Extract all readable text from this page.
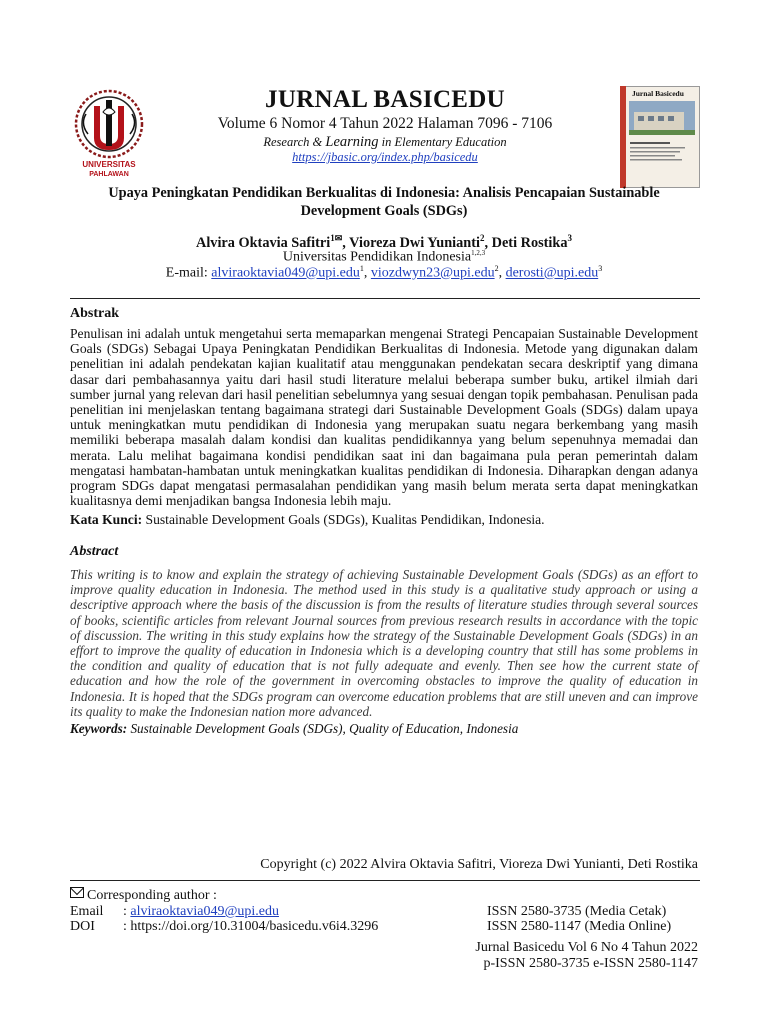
UNIVERSITAS
PAHLAWAN
Jurnal Basicedu
JURNAL BASICEDU
Volume 6 Nomor 4 Tahun 2022 Halaman 7096 - 7106
Research & Learning in Elementary Education
https://jbasic.org/index.php/basicedu
Upaya Peningkatan Pendidikan Berkualitas di Indonesia: Analisis Pencapaian Sustainable Development Goals (SDGs)
Alvira Oktavia Safitri$^{1✉}$, Vioreza Dwi Yunianti$^2$, Deti Rostika$^3$
Universitas Pendidikan Indonesia$^{1,2,3}$
E-mail: alviraoktavia049@upi.edu$^1$, viozdwyn23@upi.edu$^2$, derosti@upi.edu$^3$
Abstrak
Penulisan ini adalah untuk mengetahui serta memaparkan mengenai Strategi Pencapaian Sustainable Development Goals (SDGs) Sebagai Upaya Peningkatan Pendidikan Berkualitas di Indonesia. Metode yang digunakan dalam penelitian ini adalah pendekatan kajian kualitatif atau menggunakan pendekatan secara deskriptif yang dimana dasar dari pembahasannya yaitu dari hasil studi literature melalui beberapa sumber buku, artikel ilmiah dari sumber jurnal yang relevan dari hasil penelitian sebelumnya yang sesuai dengan topik pembahasan. Penulisan pada penelitian ini menjelaskan tentang bagaimana strategi dari Sustainable Development Goals (SDGs) dalam upaya untuk meningkatkan mutu pendidikan di Indonesia yang merupakan suatu negara berkembang yang masih memiliki beberapa masalah dalam kondisi dan kualitas pendidikannya yang belum sepenuhnya memadai dan merata. Lalu melihat bagaimana kondisi pendidikan saat ini dan bagaimana pula peran pemerintah dalam mengatasi hambatan-hambatan untuk meningkatkan kualitas pendidikan di Indonesia. Diharapkan dengan adanya program SDGs dapat mengatasi permasalahan pendidikan yang masih belum merata serta dapat meningkatkan kualitasnya demi menjadikan bangsa Indonesia lebih maju.
Kata Kunci: Sustainable Development Goals (SDGs), Kualitas Pendidikan, Indonesia.
Abstract
This writing is to know and explain the strategy of achieving Sustainable Development Goals (SDGs) as an effort to improve quality education in Indonesia. The method used in this study is a qualitative study approach or using a descriptive approach where the basis of the discussion is from the results of literature studies through several sources of books, scientific articles from relevant Journal sources from previous research results in accordance with the topic of discussion. The writing in this study explains how the strategy of the Sustainable Development Goals (SDGs) in an effort to improve the quality of education in Indonesia which is a developing country that still has some problems in the condition and quality of education that is not fully adequate and evenly. Then see how the current state of education and how the role of the government in overcoming obstacles to improve the quality of education in Indonesia. It is hoped that the SDGs program can overcome education problems that are still uneven and can improve its quality to make the Indonesian nation more advanced.
Keywords: Sustainable Development Goals (SDGs), Quality of Education, Indonesia
Copyright (c) 2022 Alvira Oktavia Safitri, Vioreza Dwi Yunianti, Deti Rostika
Corresponding author :
Email : alviraoktavia049@upi.edu
DOI : https://doi.org/10.31004/basicedu.v6i4.3296
ISSN 2580-3735 (Media Cetak)
ISSN 2580-1147 (Media Online)
Jurnal Basicedu Vol 6 No 4 Tahun 2022
p-ISSN 2580-3735 e-ISSN 2580-1147
